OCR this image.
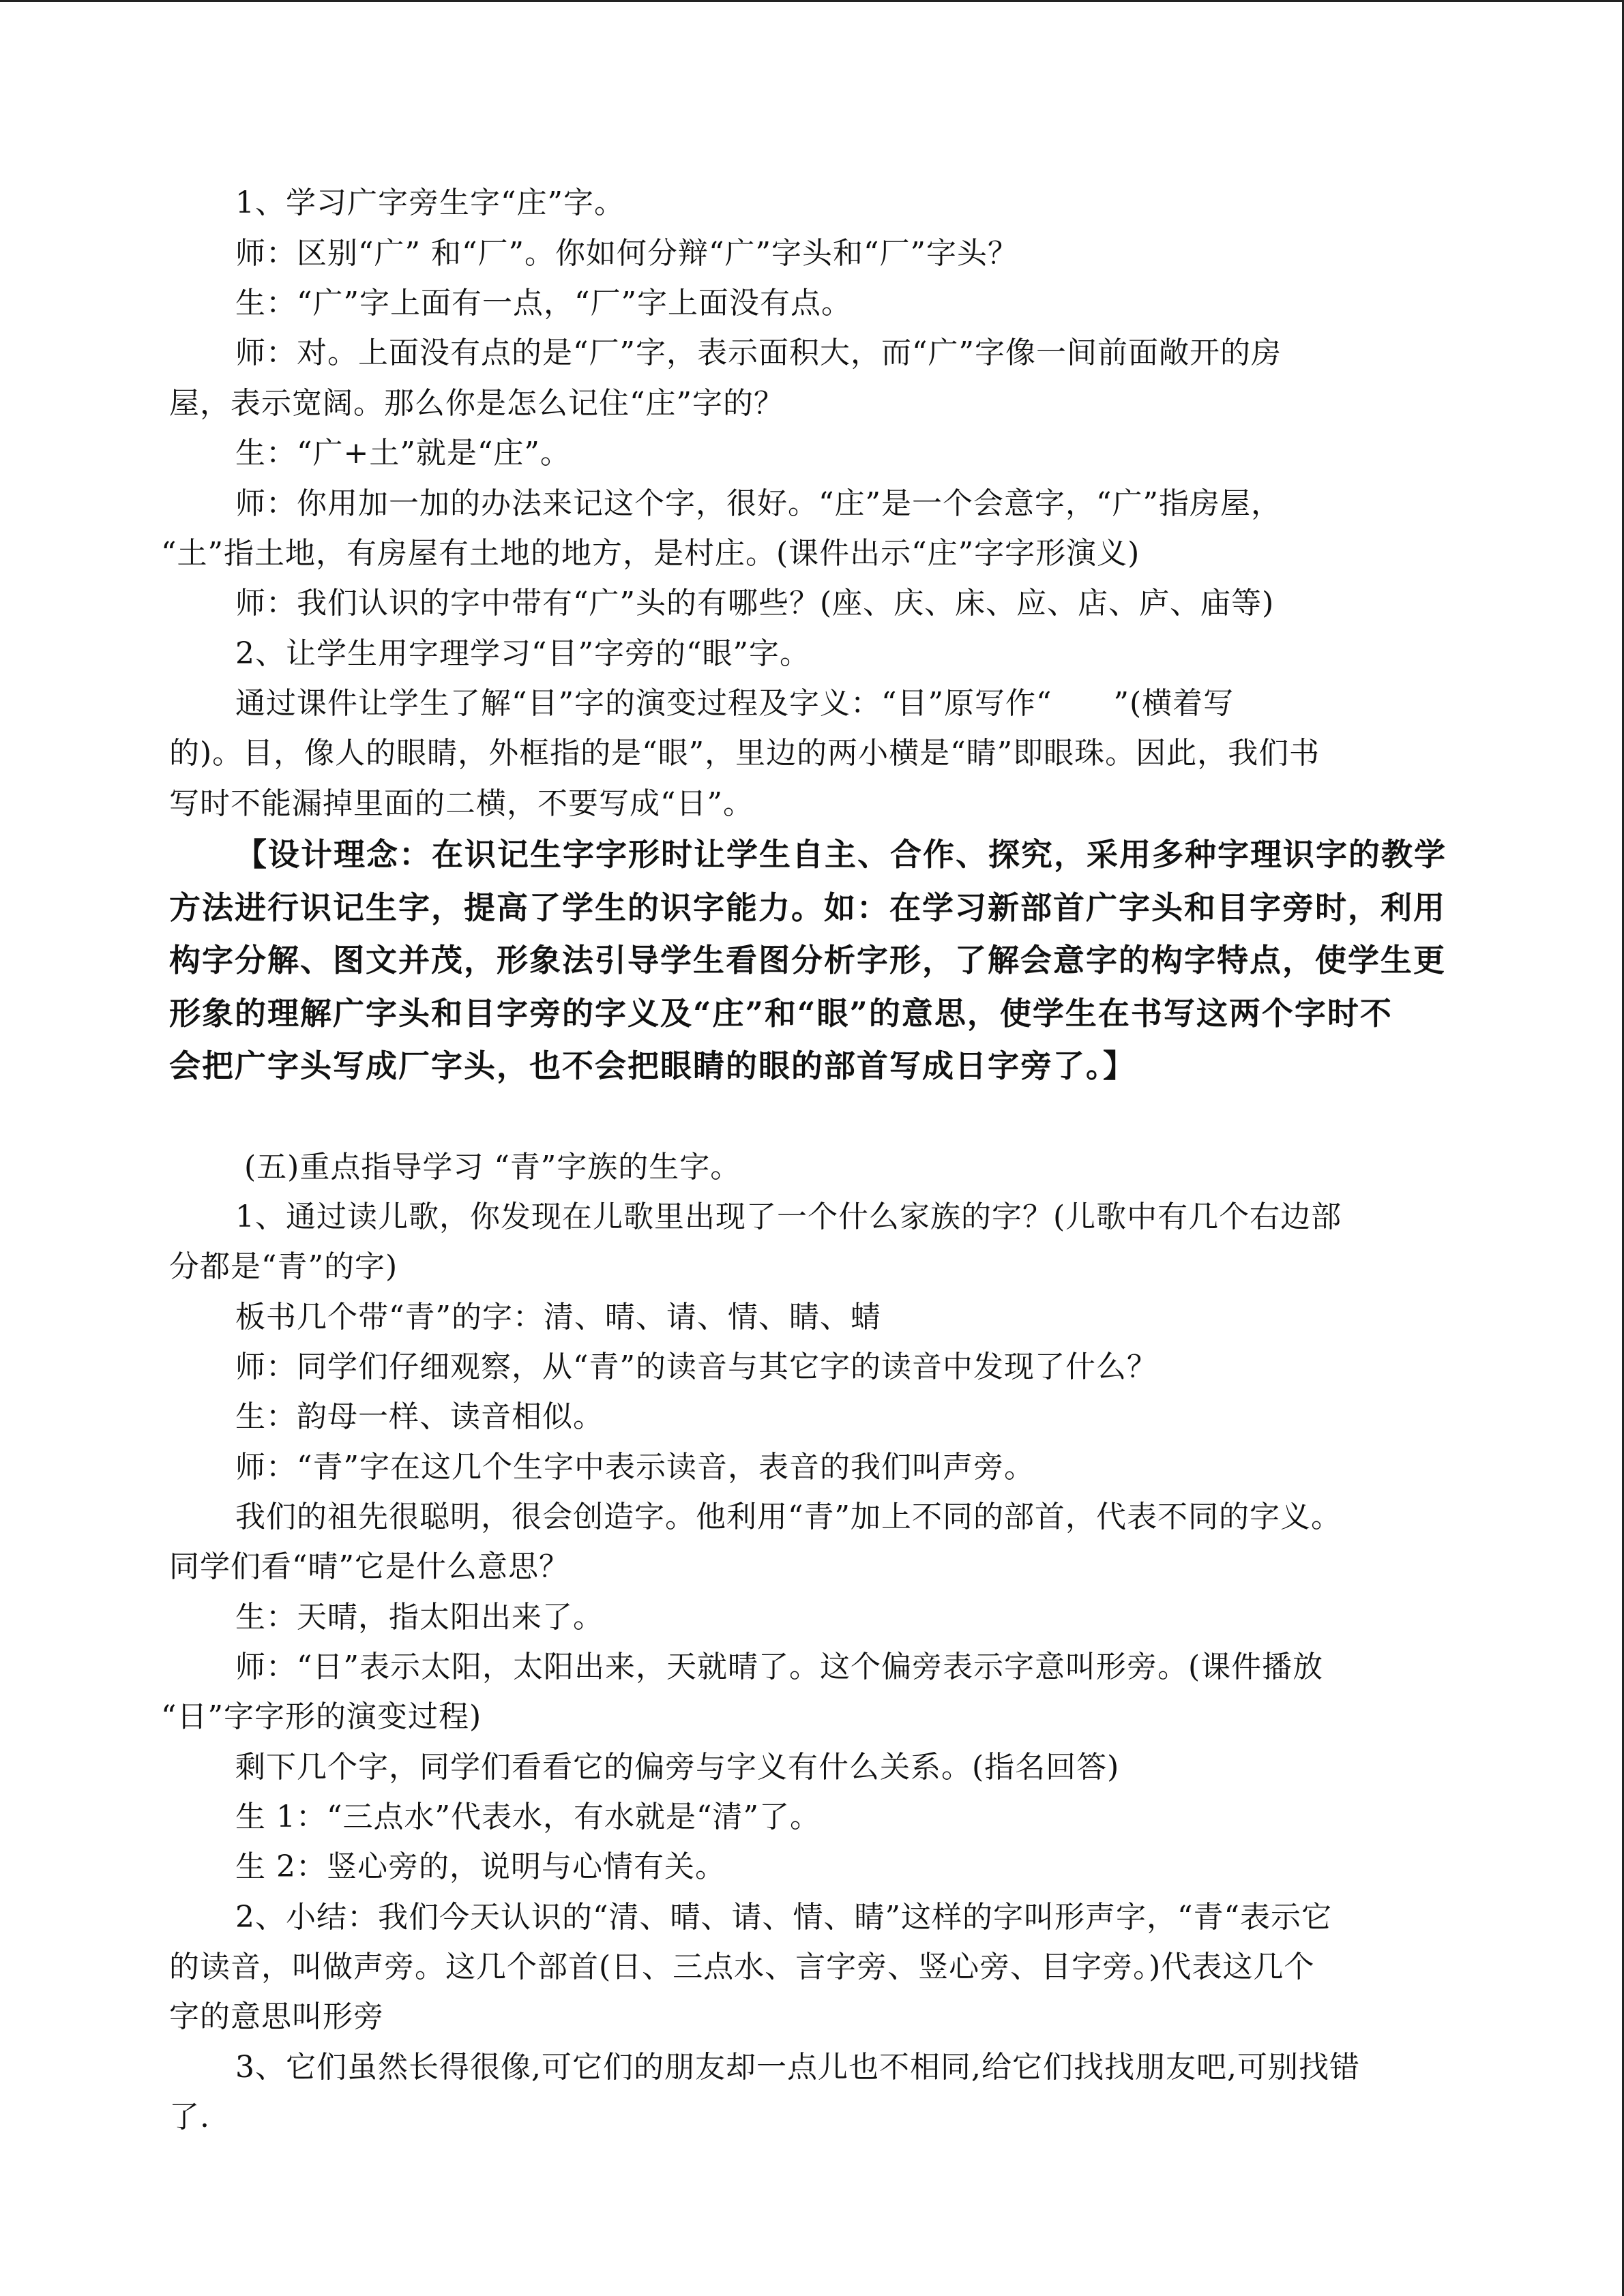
1、学习广字旁生字“庄”字。
师：区别“广” 和“厂”。你如何分辩“广”字头和“厂”字头？
生：“广”字上面有一点，“厂”字上面没有点。
师：对。上面没有点的是“厂”字，表示面积大，而“广”字像一间前面敞开的房
屋，表示宽阔。那么你是怎么记住“庄”字的？
生：“广+土”就是“庄”。
师：你用加一加的办法来记这个字，很好。“庄”是一个会意字，“广”指房屋，
“土”指土地，有房屋有土地的地方，是村庄。(课件出示“庄”字字形演义)
师：我们认识的字中带有“广”头的有哪些？(座、庆、床、应、店、庐、庙等)
2、让学生用字理学习“目”字旁的“眼”字。
通过课件让学生了解“目”字的演变过程及字义：“目”原写作“　　”(横着写
的)。目，像人的眼睛，外框指的是“眼”，里边的两小横是“睛”即眼珠。因此，我们书
写时不能漏掉里面的二横，不要写成“日”。
【设计理念：在识记生字字形时让学生自主、合作、探究，采用多种字理识字的教学
方法进行识记生字，提高了学生的识字能力。如：在学习新部首广字头和目字旁时，利用
构字分解、图文并茂，形象法引导学生看图分析字形，了解会意字的构字特点，使学生更
形象的理解广字头和目字旁的字义及“庄”和“眼”的意思，使学生在书写这两个字时不
会把广字头写成厂字头，也不会把眼睛的眼的部首写成日字旁了。】
(五)重点指导学习 “青”字族的生字。
1、通过读儿歌，你发现在儿歌里出现了一个什么家族的字？(儿歌中有几个右边部
分都是“青”的字)
板书几个带“青”的字：清、晴、请、情、睛、蜻
师：同学们仔细观察，从“青”的读音与其它字的读音中发现了什么？
生：韵母一样、读音相似。
师：“青”字在这几个生字中表示读音，表音的我们叫声旁。
我们的祖先很聪明，很会创造字。他利用“青”加上不同的部首，代表不同的字义。
同学们看“晴”它是什么意思？
生：天晴，指太阳出来了。
师：“日”表示太阳，太阳出来，天就晴了。这个偏旁表示字意叫形旁。(课件播放
“日”字字形的演变过程)
剩下几个字，同学们看看它的偏旁与字义有什么关系。(指名回答)
生 1：“三点水”代表水，有水就是“清”了。
生 2：竖心旁的，说明与心情有关。
2、小结：我们今天认识的“清、晴、请、情、睛”这样的字叫形声字，“青“表示它
的读音，叫做声旁。这几个部首(日、三点水、言字旁、竖心旁、目字旁。)代表这几个
字的意思叫形旁
3、它们虽然长得很像,可它们的朋友却一点儿也不相同,给它们找找朋友吧,可别找错
了.
